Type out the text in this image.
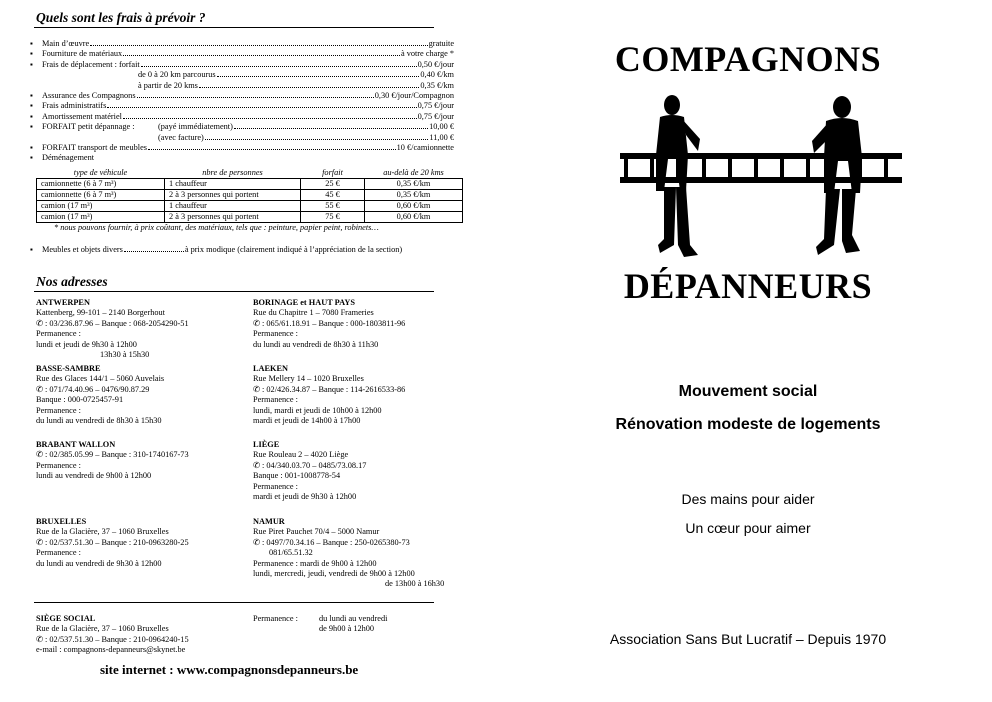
Quels sont les frais à prévoir ?
▪ Main d’œuvre	gratuite
▪ Fourniture de matériaux	à votre charge *
▪ Frais de déplacement : forfait	0,50 €/jour
de 0 à 20 km parcourus	0,40 €/km
à partir de 20 kms	0,35 €/km
▪ Assurance des Compagnons	0,30 €/jour/Compagnon
▪ Frais administratifs	0,75 €/jour
▪ Amortissement matériel	0,75 €/jour
▪ FORFAIT petit dépannage :	(payé immédiatement)	10,00 €
(avec facture)	11,00 €
▪ FORFAIT transport de meubles	10 €/camionnette
▪ Déménagement
type de véhicule	nbre de personnes	forfait	au-delà de 20 kms
camionnette (6 à 7 m³)	1 chauffeur	25 €	0,35 €/km
camionnette (6 à 7 m³)	2 à 3 personnes qui portent	45 €	0,35 €/km
camion (17 m³)	1 chauffeur	55 €	0,60 €/km
camion (17 m³)	2 à 3 personnes qui portent	75 €	0,60 €/km
* nous pouvons fournir, à prix coûtant, des matériaux, tels que : peinture, papier peint, robinets…
▪ Meubles et objets divers	à prix modique (clairement indiqué à l’appréciation de la section)
Nos adresses
ANTWERPEN
Kattenberg, 99-101 – 2140 Borgerhout
✆ : 03/236.87.96 – Banque : 068-2054290-51
Permanence :
lundi et jeudi de 9h30 à 12h00
13h30 à 15h30
BASSE-SAMBRE
Rue des Glaces 144/1 – 5060 Auvelais
✆ : 071/74.40.96 – 0476/90.87.29
Banque : 000-0725457-91
Permanence :
du lundi au vendredi de 8h30 à 15h30
BRABANT WALLON
✆ : 02/385.05.99 – Banque : 310-1740167-73
Permanence :
lundi au vendredi de 9h00 à 12h00
BRUXELLES
Rue de la Glacière, 37 – 1060 Bruxelles
✆ : 02/537.51.30 – Banque : 210-0963280-25
Permanence :
du lundi au vendredi de 9h30 à 12h00
BORINAGE et HAUT PAYS
Rue du Chapitre 1 – 7080 Frameries
✆ : 065/61.18.91 – Banque : 000-1803811-96
Permanence :
du lundi au vendredi de 8h30 à 11h30
LAEKEN
Rue Mellery 14 – 1020 Bruxelles
✆ : 02/426.34.87 – Banque : 114-2616533-86
Permanence :
lundi, mardi et jeudi de 10h00 à 12h00
mardi et jeudi de 14h00 à 17h00
LIÈGE
Rue Rouleau 2 – 4020 Liège
✆ : 04/340.03.70 – 0485/73.08.17
Banque : 001-1008778-54
Permanence :
mardi et jeudi de 9h30 à 12h00
NAMUR
Rue Piret Pauchet 70/4 – 5000 Namur
✆ : 0497/70.34.16 – Banque : 250-0265380-73
081/65.51.32
Permanence : mardi de 9h00 à 12h00
lundi, mercredi, jeudi, vendredi de 9h00 à 12h00
de 13h00 à 16h30
SIÈGE SOCIAL
Rue de la Glacière, 37 – 1060 Bruxelles
✆ : 02/537.51.30 – Banque : 210-0964240-15
e-mail : compagnons-depanneurs@skynet.be
Permanence :	du lundi au vendredi
de 9h00 à 12h00
site internet : www.compagnonsdepanneurs.be
COMPAGNONS
DÉPANNEURS
Mouvement social
Rénovation modeste de logements
Des mains pour aider
Un cœur pour aimer
Association Sans But Lucratif – Depuis 1970
